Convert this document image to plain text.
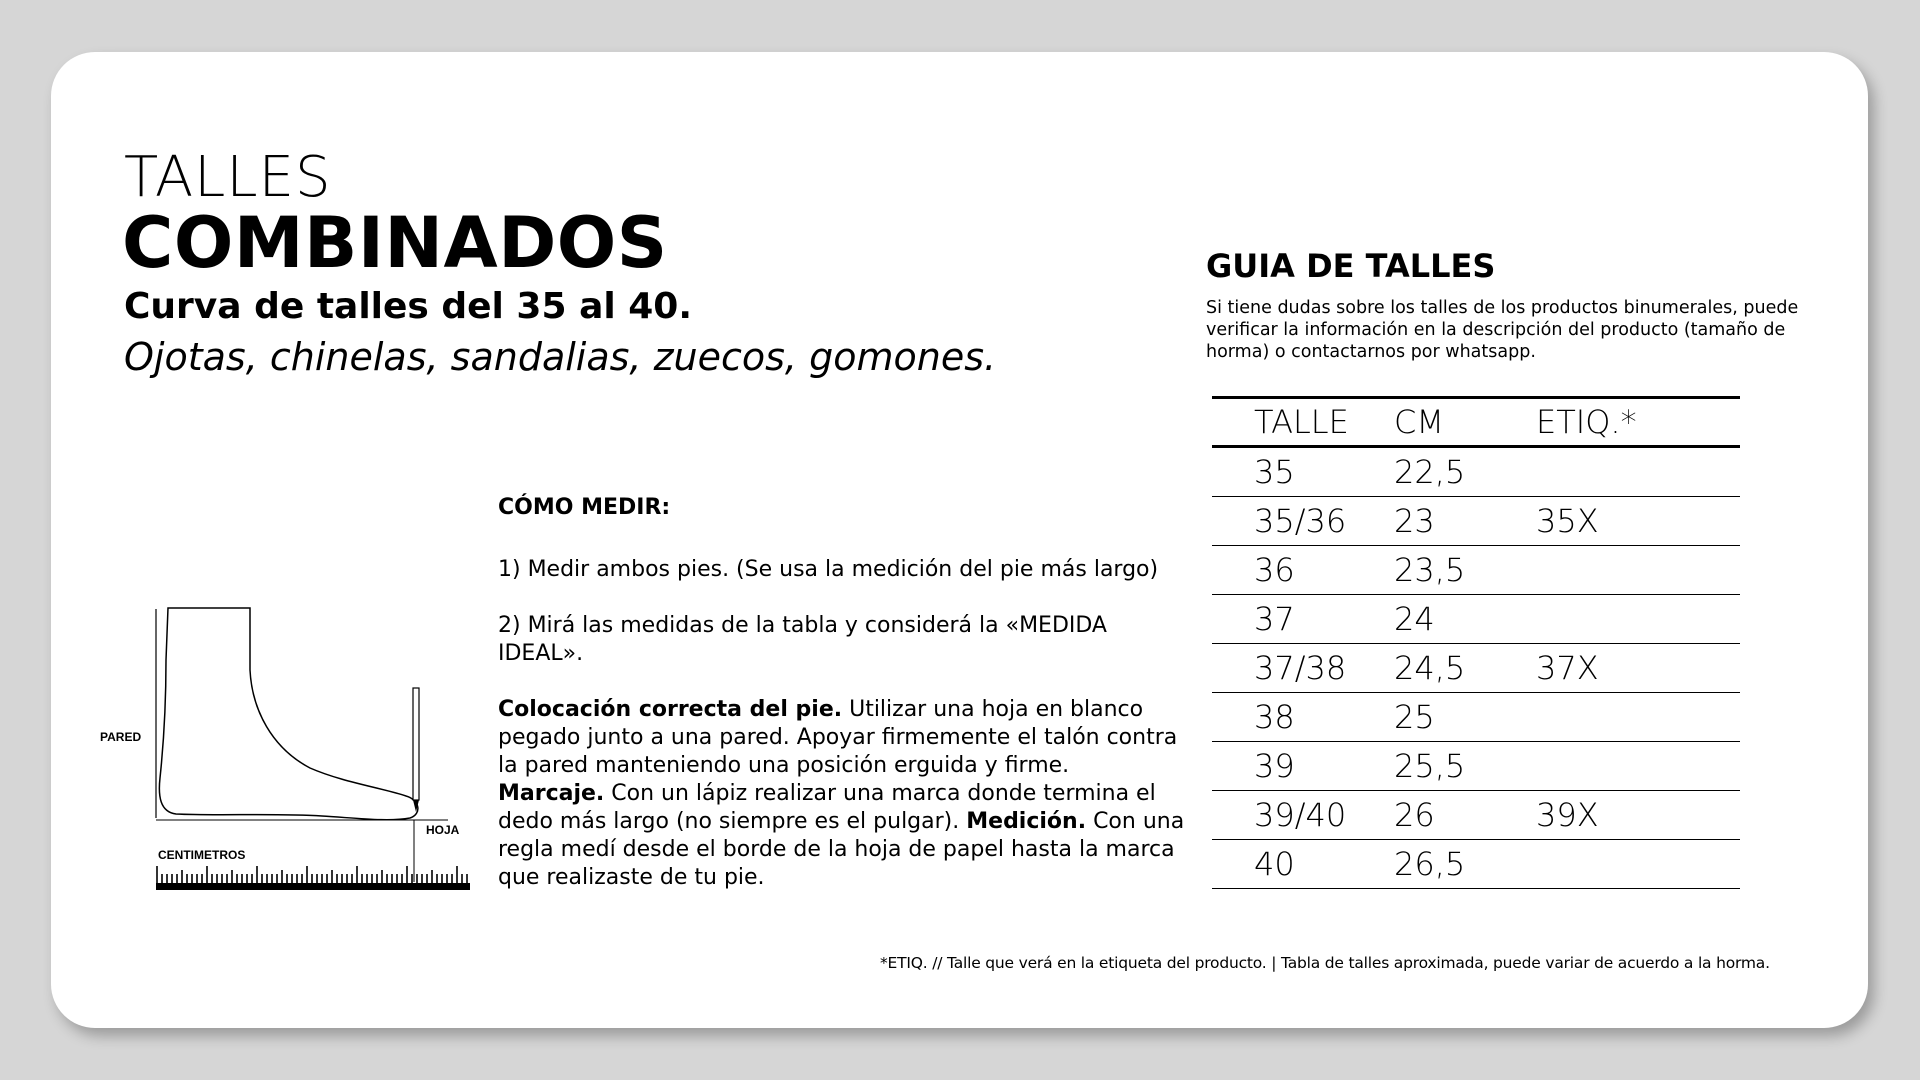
TALLES
COMBINADOS
Curva de talles del 35 al 40.
Ojotas, chinelas, sandalias, zuecos, gomones.
PARED
HOJA
CENTIMETROS

CÓMO MEDIR:

1) Medir ambos pies. (Se usa la medición del pie más largo)

2) Mirá las medidas de la tabla y considerá la «MEDIDA IDEAL».

Colocación correcta del pie. Utilizar una hoja en blanco pegado junto a una pared. Apoyar firmemente el talón contra la pared manteniendo una posición erguida y firme.
Marcaje. Con un lápiz realizar una marca donde termina el dedo más largo (no siempre es el pulgar). Medición. Con una regla medí desde el borde de la hoja de papel hasta la marca que realizaste de tu pie.

GUIA DE TALLES
Si tiene dudas sobre los talles de los productos binumerales, puede verificar la información en la descripción del producto (tamaño de horma) o contactarnos por whatsapp.
TALLE	CM	ETIQ.*
35	22,5	
35/36	23	35X
36	23,5	
37	24	
37/38	24,5	37X
38	25	
39	25,5	
39/40	26	39X
40	26,5	
*ETIQ. // Talle que verá en la etiqueta del producto. | Tabla de talles aproximada, puede variar de acuerdo a la horma.
